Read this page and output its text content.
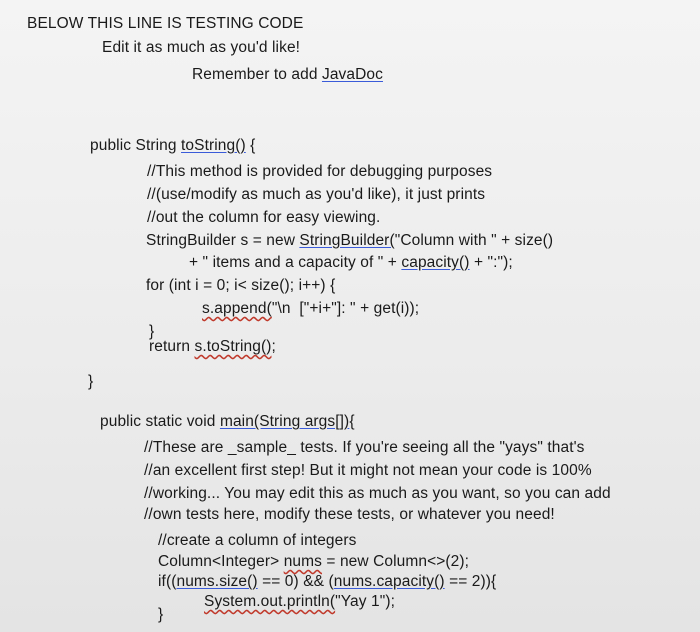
BELOW THIS LINE IS TESTING CODE
Edit it as much as you'd like!
Remember to add JavaDoc
public String toString() {
//This method is provided for debugging purposes
//(use/modify as much as you'd like), it just prints
//out the column for easy viewing.
StringBuilder s = new StringBuilder("Column with " + size()
+ " items and a capacity of " + capacity() + ":");
for (int i = 0; i< size(); i++) {
s.append("\n  ["+i+"]: " + get(i));
}
return s.toString();
}
public static void main(String args[]){
//These are _sample_ tests. If you're seeing all the "yays" that's
//an excellent first step! But it might not mean your code is 100%
//working... You may edit this as much as you want, so you can add
//own tests here, modify these tests, or whatever you need!
//create a column of integers
Column<Integer> nums = new Column<>(2);
if((nums.size() == 0) && (nums.capacity() == 2)){
System.out.println("Yay 1");
}
